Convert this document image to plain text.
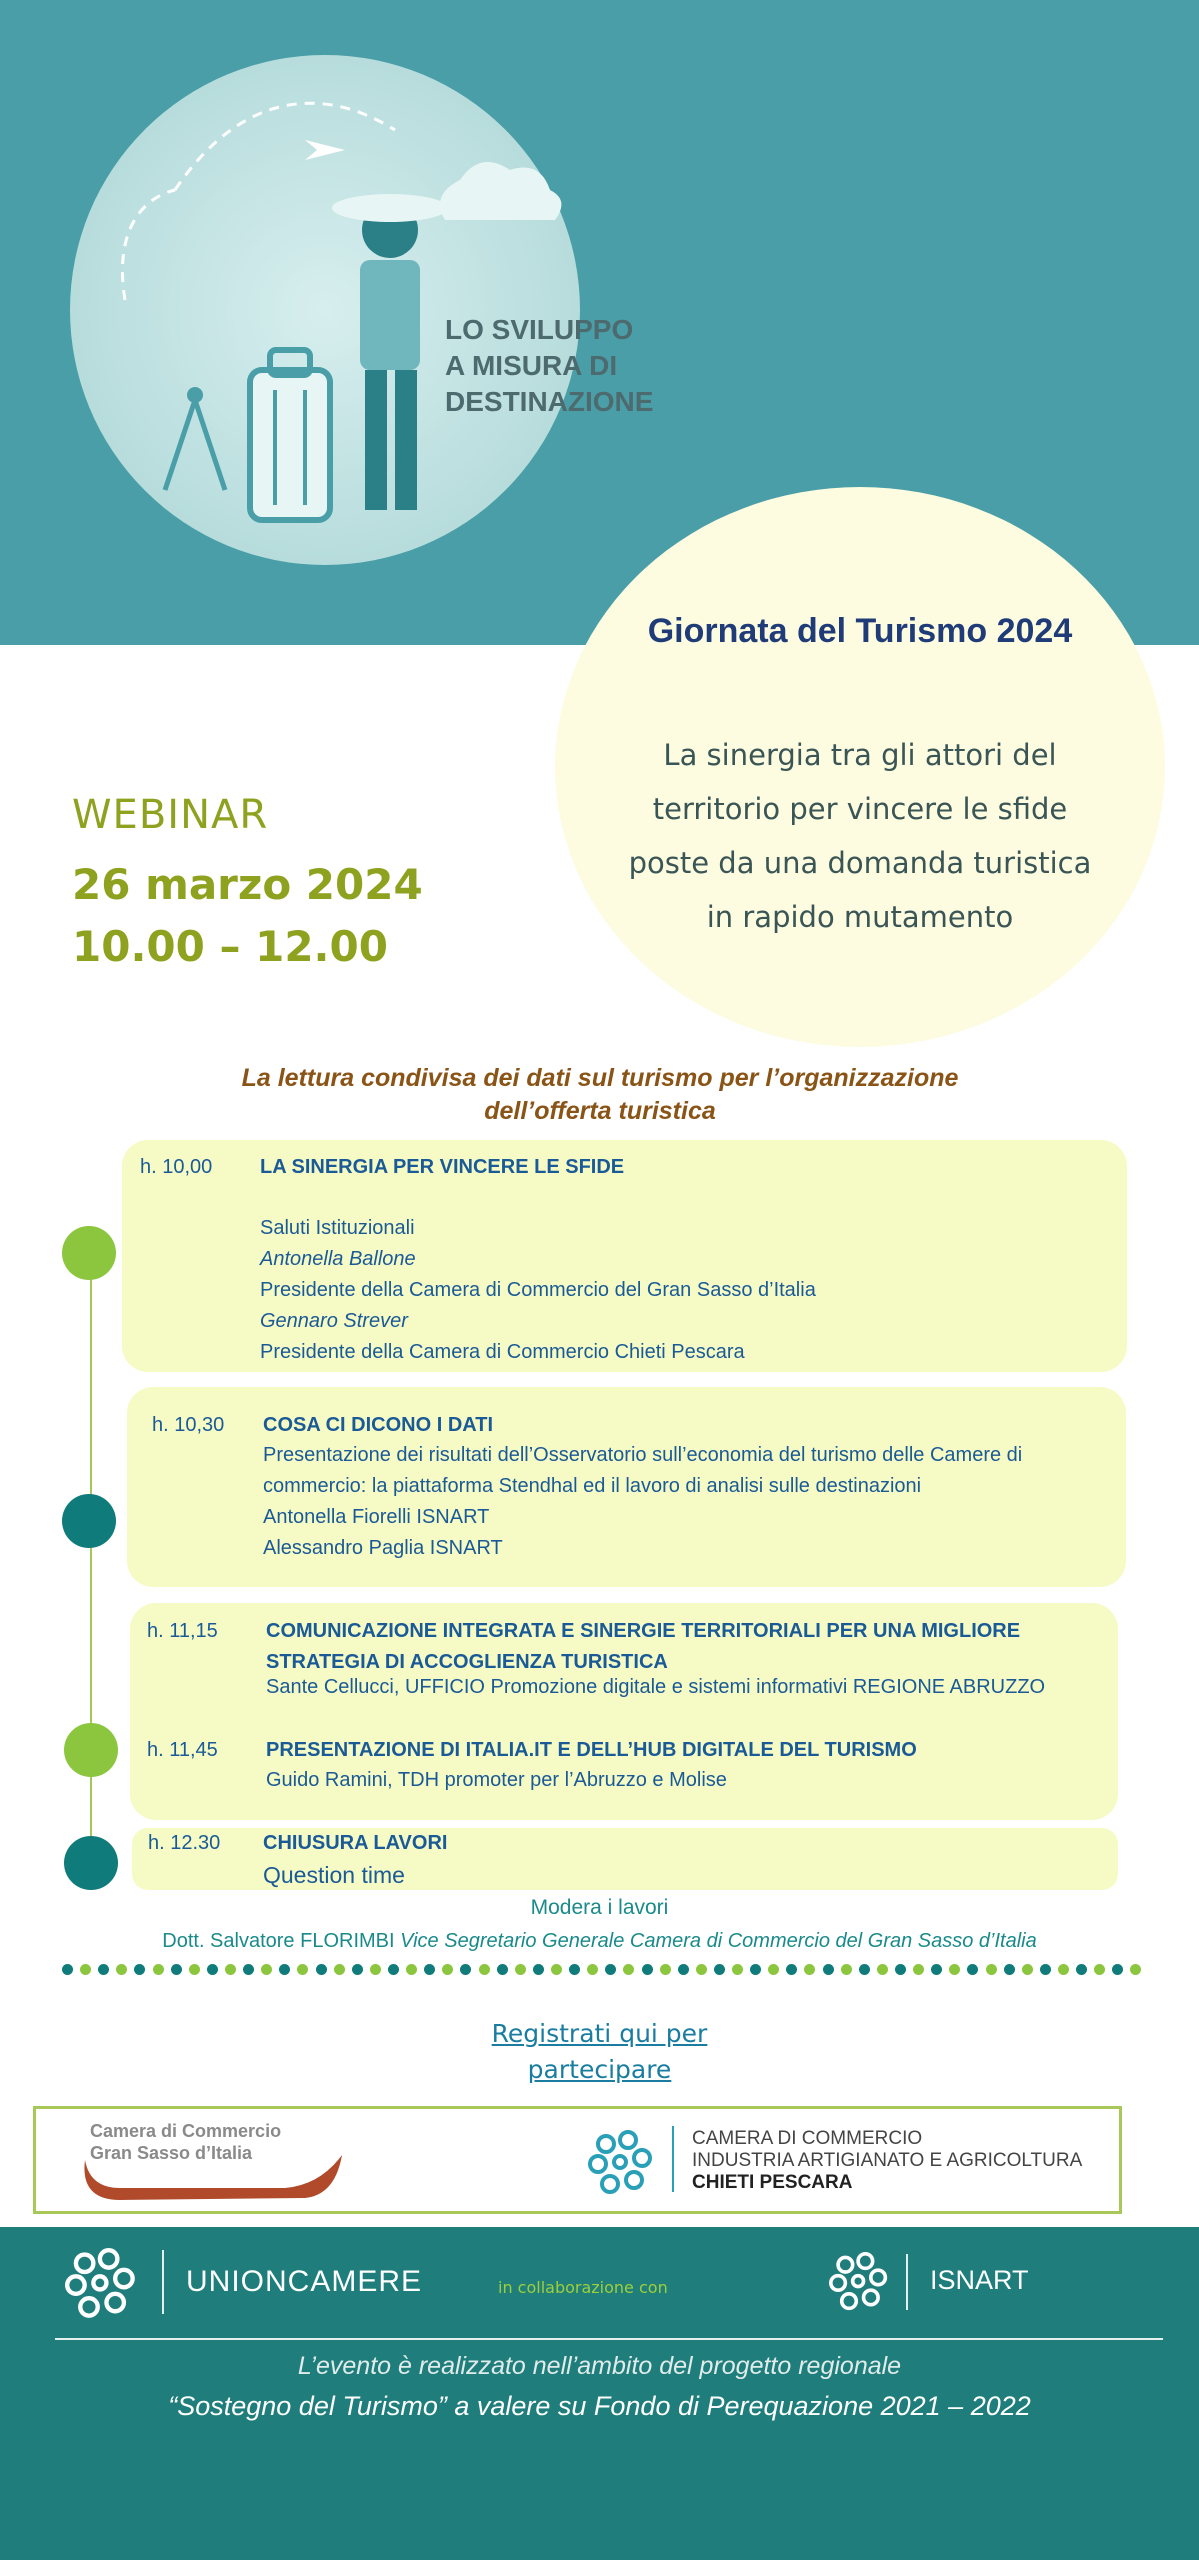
LO SVILUPPO
A MISURA DI
DESTINAZIONE
Giornata del Turismo 2024
La sinergia tra gli attori del
territorio per vincere le sfide
poste da una domanda turistica
in rapido mutamento
WEBINAR
26 marzo 2024
10.00 – 12.00
La lettura condivisa dei dati sul turismo per l’organizzazione
dell’offerta turistica
h. 10,00 LA SINERGIA PER VINCERE LE SFIDE
Saluti Istituzionali
Antonella Ballone
Presidente della Camera di Commercio del Gran Sasso d’Italia
Gennaro Strever
Presidente della Camera di Commercio Chieti Pescara
h. 10,30 COSA CI DICONO I DATI
Presentazione dei risultati dell’Osservatorio sull’economia del turismo delle Camere di
commercio: la piattaforma Stendhal ed il lavoro di analisi sulle destinazioni
Antonella Fiorelli ISNART
Alessandro Paglia ISNART
h. 11,15 COMUNICAZIONE INTEGRATA E SINERGIE TERRITORIALI PER UNA MIGLIORE
STRATEGIA DI ACCOGLIENZA TURISTICA
Sante Cellucci, UFFICIO Promozione digitale e sistemi informativi REGIONE ABRUZZO
h. 11,45 PRESENTAZIONE DI ITALIA.IT E DELL’HUB DIGITALE DEL TURISMO
Guido Ramini, TDH promoter per l’Abruzzo e Molise
h. 12.30 CHIUSURA LAVORI
Question time
Modera i lavori
Dott. Salvatore FLORIMBI Vice Segretario Generale Camera di Commercio del Gran Sasso d’Italia
Registrati qui per
partecipare
Camera di Commercio
Gran Sasso d’Italia
CAMERA DI COMMERCIO
INDUSTRIA ARTIGIANATO E AGRICOLTURA
CHIETI PESCARA
UNIONCAMERE	in collaborazione con	ISNART
L’evento è realizzato nell’ambito del progetto regionale
“Sostegno del Turismo” a valere su Fondo di Perequazione 2021 – 2022
